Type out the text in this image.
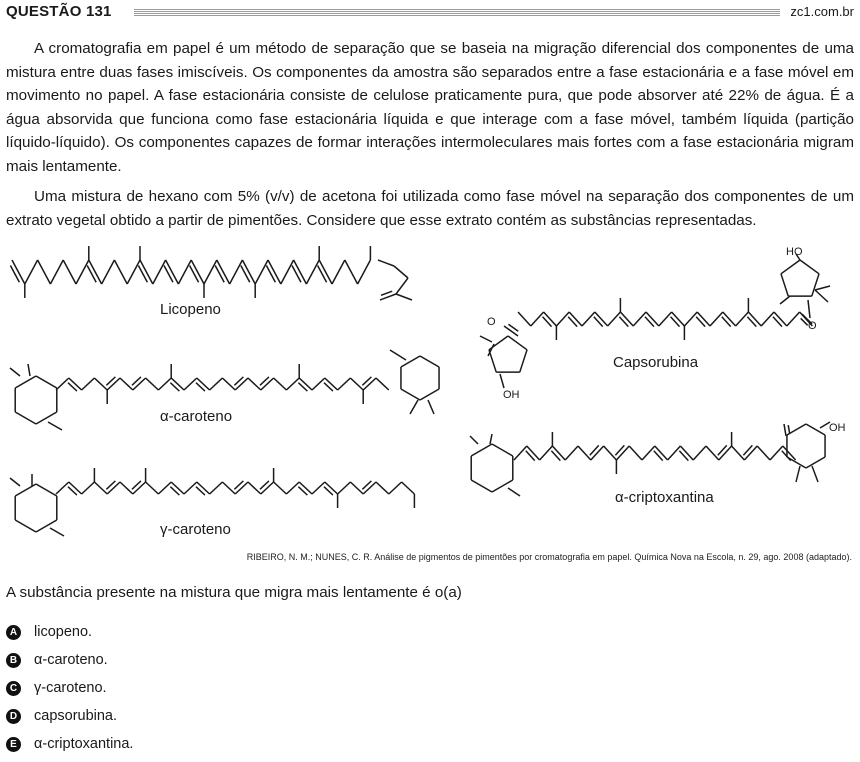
QUESTÃO 131	zc1.com.br

A cromatografia em papel é um método de separação que se baseia na migração diferencial dos componentes de uma mistura entre duas fases imiscíveis. Os componentes da amostra são separados entre a fase estacionária e a fase móvel em movimento no papel. A fase estacionária consiste de celulose praticamente pura, que pode absorver até 22% de água. É a água absorvida que funciona como fase estacionária líquida e que interage com a fase móvel, também líquida (partição líquido-líquido). Os componentes capazes de formar interações intermoleculares mais fortes com a fase estacionária migram mais lentamente.

Uma mistura de hexano com 5% (v/v) de acetona foi utilizada como fase móvel na separação dos componentes de um extrato vegetal obtido a partir de pimentões. Considere que esse extrato contém as substâncias representadas.

Licopeno
α-caroteno
γ-caroteno
Capsorubina
α-criptoxantina
HO
OH
O	O
OH
RIBEIRO, N. M.; NUNES, C. R. Análise de pigmentos de pimentões por cromatografia em papel. Química Nova na Escola, n. 29, ago. 2008 (adaptado).
A substância presente na mistura que migra mais lentamente é o(a)
A licopeno.
B α-caroteno.
C γ-caroteno.
D capsorubina.
E α-criptoxantina.
